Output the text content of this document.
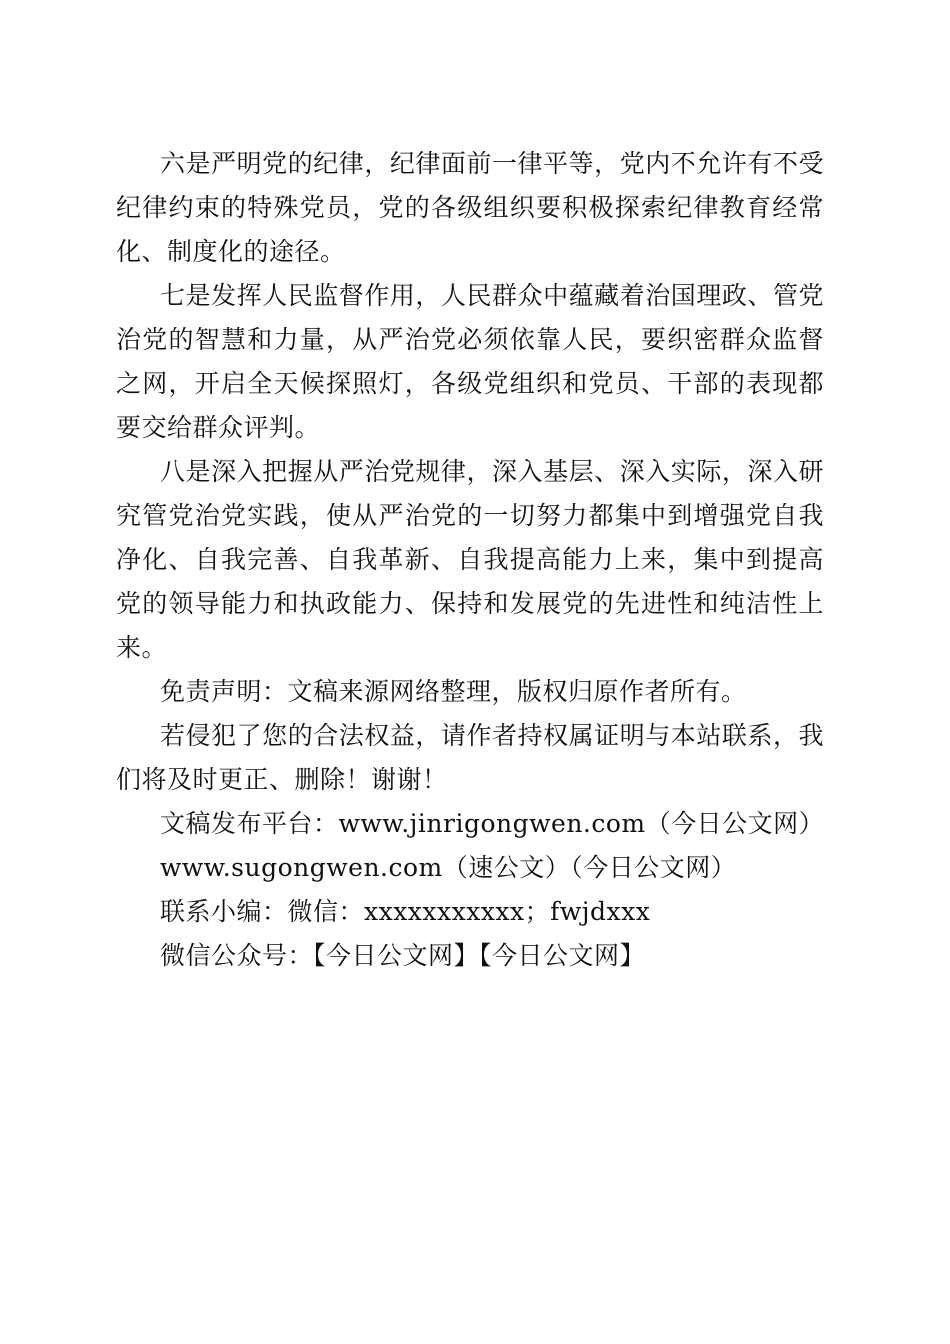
六是严明党的纪律，纪律面前一律平等，党内不允许有不受纪律约束的特殊党员，党的各级组织要积极探索纪律教育经常化、制度化的途径。

七是发挥人民监督作用，人民群众中蕴藏着治国理政、管党治党的智慧和力量，从严治党必须依靠人民，要织密群众监督之网，开启全天候探照灯，各级党组织和党员、干部的表现都要交给群众评判。

八是深入把握从严治党规律，深入基层、深入实际，深入研究管党治党实践，使从严治党的一切努力都集中到增强党自我净化、自我完善、自我革新、自我提高能力上来，集中到提高党的领导能力和执政能力、保持和发展党的先进性和纯洁性上来。

免责声明：文稿来源网络整理，版权归原作者所有。

若侵犯了您的合法权益，请作者持权属证明与本站联系，我们将及时更正、删除！谢谢！

文稿发布平台：www.jinrigongwen.com（今日公文网）

www.sugongwen.com（速公文）（今日公文网）

联系小编：微信：xxxxxxxxxxx；fwjdxxx

微信公众号：【今日公文网】【今日公文网】
